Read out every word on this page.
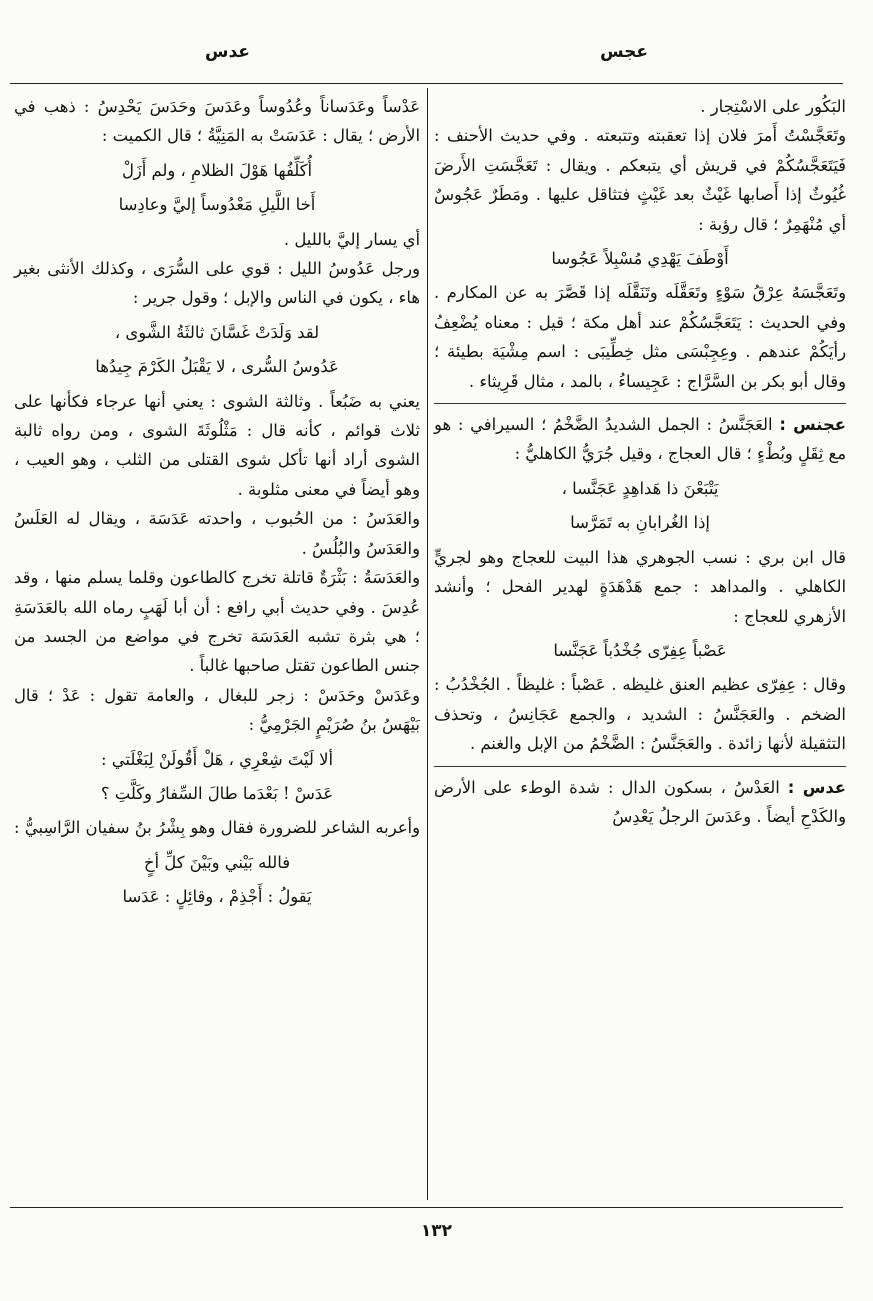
عجس
عدس

البَكُور على الاسْتِجار .

وتَعَجَّسْتُ أَمرَ فلان إذا تعقبته وتتبعته . وفي حديث الأحنف : فَيَتَعَجَّسُكُمْ في قريش أي يتبعكم . ويقال : تَعَجَّسَتِ الأَرضَ غُيُوثٌ إذا أَصابها غَيْثٌ بعد غَيْثٍ فتثاقل عليها . ومَطَرٌ عَجُوسٌ أي مُنْهَمِرٌ ؛ قال رؤبة :

أَوْطَفَ يَهْدِي مُسْبِلاً عَجُوسا

وتَعَجَّسَهُ عِرْقُ سَوْءٍ وتَعَقَّلَه وتَنَقَّلَه إذا قَصَّرَ به عن المكارم . وفي الحديث : يَتَعَجَّسُكُمْ عند أهل مكة ؛ قيل : معناه يُضْعِفُ رأيَكُمْ عندهم . وعِجِبْسَى مثل خِطِّيبَى : اسم مِشْيَة بطيئة ؛ وقال أبو بكر بن السَّرَّاج : عَجِيساءُ ، بالمد ، مثال قَرِيثاء .

عجنس : العَجَنَّسُ : الجمل الشديدُ الضَّخْمُ ؛ السيرافي : هو مع ثِقَلٍ وبُطْءٍ ؛ قال العجاج ، وقيل جُرَيُّ الكاهليُّ :

يَتْبَعْنَ ذا هَداهِدٍ عَجَنَّسا ،

إذا الغُرابانِ به تَمَرَّسا

قال ابن بري : نسب الجوهري هذا البيت للعجاج وهو لجريٍّ الكاهلي . والمداهد : جمع هَدْهَدَةٍ لهدير الفحل ؛ وأنشد الأزهري للعجاج :

عَصْباً عِفِرّى جُخْدُباً عَجَنَّسا

وقال : عِفِرّى عظيم العنق غليظه . عَصْباً : غليظاً . الجُخْدُبُ : الضخم . والعَجَنَّسُ : الشديد ، والجمع عَجَانِسُ ، وتحذف التثقيلة لأنها زائدة . والعَجَنَّسُ : الضَّخْمُ من الإبل والغنم .

عدس : العَدْسُ ، بسكون الدال : شدة الوطء على الأرض والكَدْحِ أيضاً . وعَدَسَ الرجلُ يَعْدِسُ

عَدْساً وعَدَساناً وعُدُوساً وعَدَسَ وحَدَسَ يَحْدِسُ : ذهب في الأرض ؛ يقال : عَدَسَتْ به المَنِيَّةُ ؛ قال الكميت :

أُكَلِّفُها هَوْلَ الظلامِ ، ولم أَزَلْ

أَخا اللَّيلِ مَعْدُوساً إليَّ وعادِسا

أي يسار إليَّ بالليل .

ورجل عَدُوسُ الليل : قوي على السُّرَى ، وكذلك الأنثى بغير هاء ، يكون في الناس والإبل ؛ وقول جرير :

لقد وَلَدَتْ غَسَّانَ ثالثَةُ الشَّوى ،

عَدُوسُ السُّرى ، لا يَقْبَلُ الكَرْمَ جِيدُها

يعني به ضَبُعاً . وثالثة الشوى : يعني أنها عرجاء فكأنها على ثلاث قوائم ، كأنه قال : مَثْلُوثَةَ الشوى ، ومن رواه ثالبة الشوى أراد أنها تأكل شوى القتلى من الثلب ، وهو العيب ، وهو أيضاً في معنى مثلوبة .

والعَدَسُ : من الحُبوب ، واحدته عَدَسَة ، ويقال له العَلَسُ والعَدَسُ والبُلُسُ .

والعَدَسَةُ : بَثْرَةٌ قاتلة تخرج كالطاعون وقلما يسلم منها ، وقد عُدِسَ . وفي حديث أبي رافع : أن أبا لَهَبٍ رماه الله بالعَدَسَةِ ؛ هي بثرة تشبه العَدَسَة تخرج في مواضع من الجسد من جنس الطاعون تقتل صاحبها غالباً .

وعَدَسْ وحَدَسْ : زجر للبغال ، والعامة تقول : عَدْ ؛ قال بَيْهَسُ بنُ صُرَيْمٍ الجَرْمِيُّ :

ألا لَيْتَ شِعْرِي ، هَلْ أَقُولَنْ لِبَغْلَتي :

عَدَسْ ! بَعْدَما طالَ السِّفارُ وكَلَّتِ ؟

وأعربه الشاعر للضرورة فقال وهو بِشْرُ بنُ سفيان الرَّاسِبيُّ :

فالله بَيْني وبَيْنَ كلِّ أخٍ

يَقولُ : أَجْذِمْ ، وقائِلٍ : عَدَسا

١٣٢
